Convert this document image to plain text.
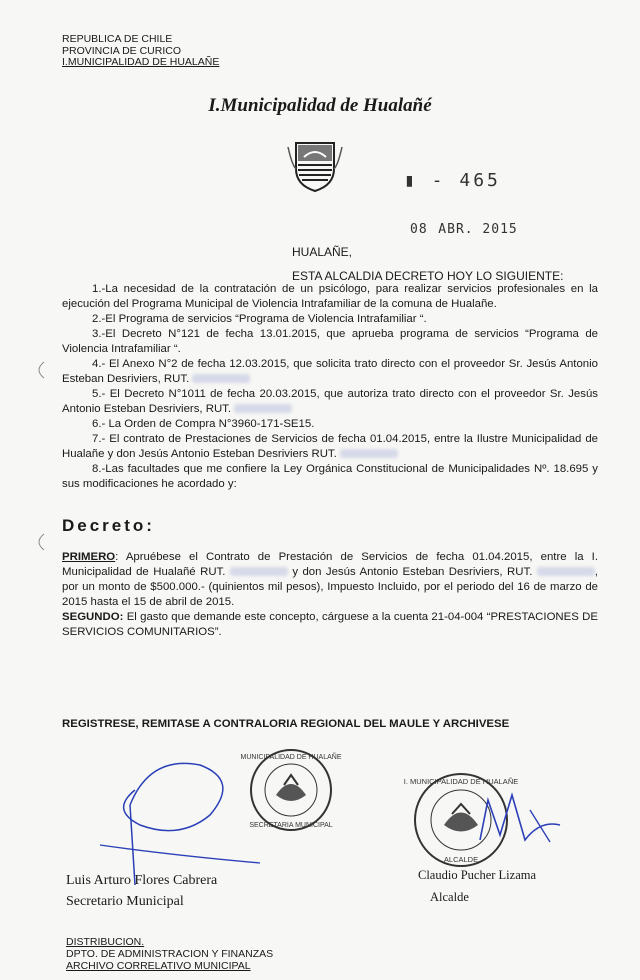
REPUBLICA DE CHILE
PROVINCIA DE CURICO
I.MUNICIPALIDAD DE HUALAÑE
I.Municipalidad de Hualañé
▮ - 465
08 ABR. 2015
HUALAÑE,
ESTA ALCALDIA DECRETO HOY LO SIGUIENTE:

1.-La necesidad de la contratación de un psicólogo, para realizar servicios profesionales en la ejecución del Programa Municipal de Violencia Intrafamiliar de la comuna de Hualañe.

2.-El Programa de servicios “Programa de Violencia Intrafamiliar “.

3.-El Decreto N°121 de fecha 13.01.2015, que aprueba programa de servicios “Programa de Violencia Intrafamiliar “.

4.- El Anexo N°2 de fecha 12.03.2015, que solicita trato directo con el proveedor Sr. Jesús Antonio Esteban Desriviers, RUT.

5.- El Decreto N°1011 de fecha 20.03.2015, que autoriza trato directo con el proveedor Sr. Jesús Antonio Esteban Desriviers, RUT.

6.- La Orden de Compra N°3960-171-SE15.

7.- El contrato de Prestaciones de Servicios de fecha 01.04.2015, entre la Ilustre Municipalidad de Hualañe y don Jesús Antonio Esteban Desriviers RUT.

8.-Las facultades que me confiere la Ley Orgánica Constitucional de Municipalidades Nº. 18.695 y sus modificaciones he acordado y:

Decreto:

PRIMERO: Apruébese el Contrato de Prestación de Servicios de fecha 01.04.2015, entre la I. Municipalidad de Hualañé RUT.	y don Jesús Antonio Esteban Desriviers, RUT.	, por un monto de $500.000.- (quinientos mil pesos), Impuesto Incluido, por el periodo del 16 de marzo de 2015 hasta el 15 de abril de 2015.

SEGUNDO: El gasto que demande este concepto, cárguese a la cuenta 21-04-004 “PRESTACIONES DE SERVICIOS COMUNITARIOS”.

REGISTRESE, REMITASE A CONTRALORIA REGIONAL DEL MAULE Y ARCHIVESE
MUNICIPALIDAD DE HUALAÑE
SECRETARIA MUNICIPAL
I. MUNICIPALIDAD DE HUALAÑE
ALCALDE
Luis Arturo Flores Cabrera
Secretario Municipal
Claudio Pucher Lizama
Alcalde
DISTRIBUCION.
DPTO. DE ADMINISTRACION Y FINANZAS
ARCHIVO CORRELATIVO MUNICIPAL
